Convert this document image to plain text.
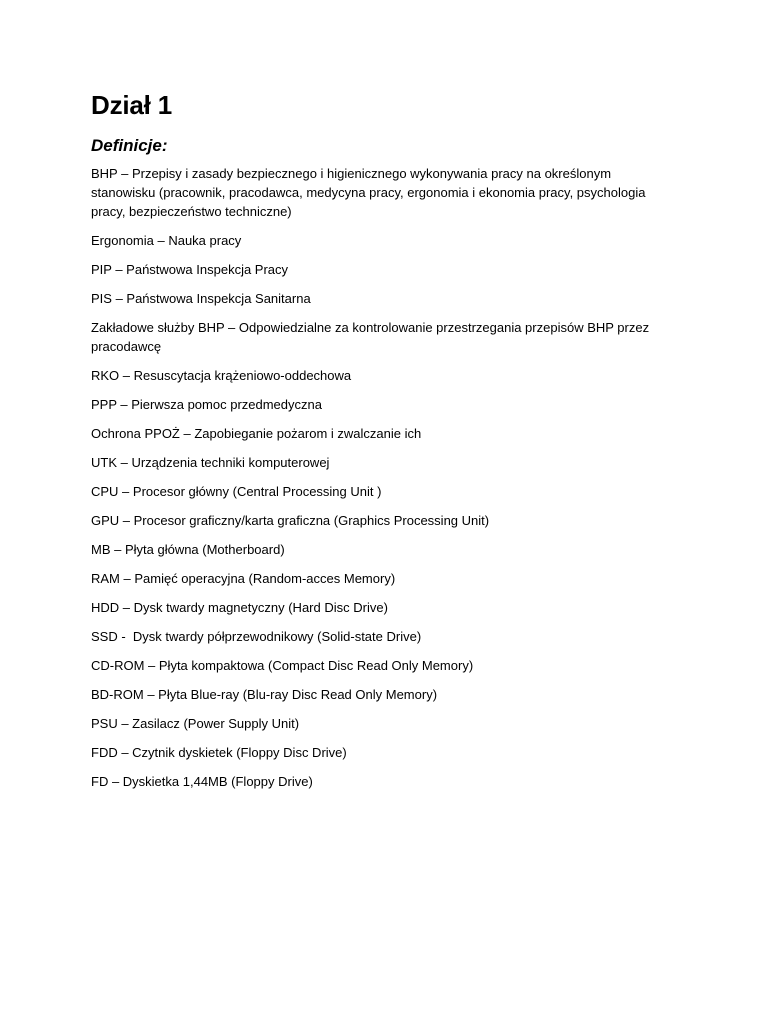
Dział 1
Definicje:

BHP – Przepisy i zasady bezpiecznego i higienicznego wykonywania pracy na określonym stanowisku (pracownik, pracodawca, medycyna pracy, ergonomia i ekonomia pracy, psychologia pracy, bezpieczeństwo techniczne)

Ergonomia – Nauka pracy

PIP – Państwowa Inspekcja Pracy

PIS – Państwowa Inspekcja Sanitarna

Zakładowe służby BHP – Odpowiedzialne za kontrolowanie przestrzegania przepisów BHP przez pracodawcę

RKO – Resuscytacja krążeniowo-oddechowa

PPP – Pierwsza pomoc przedmedyczna

Ochrona PPOŻ – Zapobieganie pożarom i zwalczanie ich

UTK – Urządzenia techniki komputerowej

CPU – Procesor główny (Central Processing Unit )

GPU – Procesor graficzny/karta graficzna (Graphics Processing Unit)

MB – Płyta główna (Motherboard)

RAM – Pamięć operacyjna (Random-acces Memory)

HDD – Dysk twardy magnetyczny (Hard Disc Drive)

SSD -  Dysk twardy półprzewodnikowy (Solid-state Drive)

CD-ROM – Płyta kompaktowa (Compact Disc Read Only Memory)

BD-ROM – Płyta Blue-ray (Blu-ray Disc Read Only Memory)

PSU – Zasilacz (Power Supply Unit)

FDD – Czytnik dyskietek (Floppy Disc Drive)

FD – Dyskietka 1,44MB (Floppy Drive)
